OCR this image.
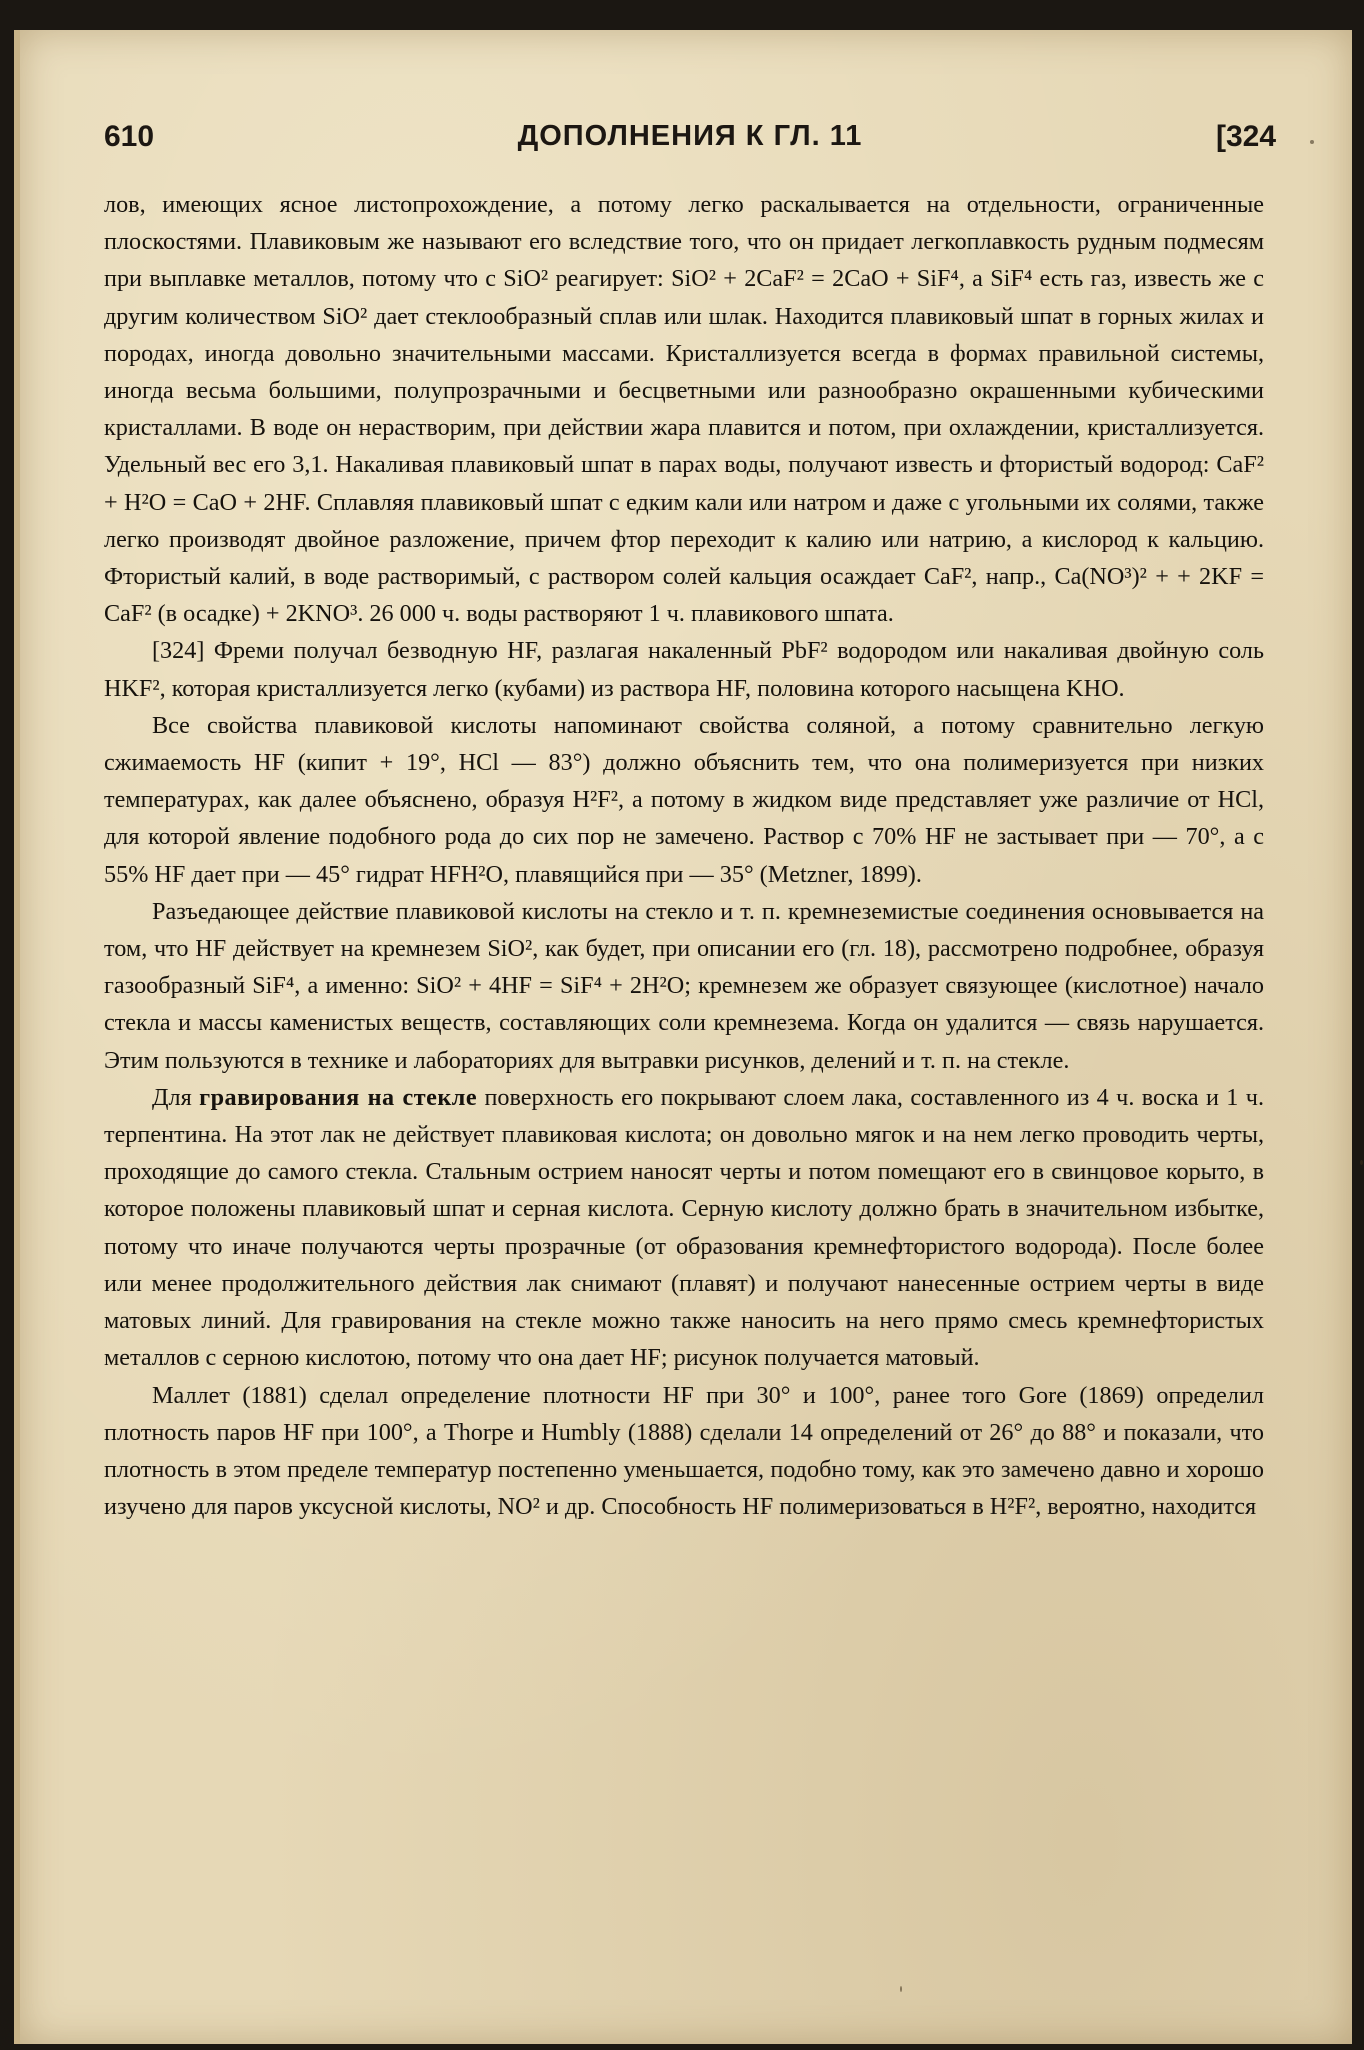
610	ДОПОЛНЕНИЯ К ГЛ. 11	[324

лов, имеющих ясное листопрохождение, а потому легко раскалывается на отдельности, ограниченные плоскостями. Плавиковым же называют его вследствие того, что он придает легкоплавкость рудным подмесям при выплавке металлов, потому что с SiO² реагирует: SiO² + 2CaF² = 2CaO + SiF⁴, а SiF⁴ есть газ, известь же с другим количеством SiO² дает стеклообразный сплав или шлак. Находится плавиковый шпат в горных жилах и породах, иногда довольно значительными массами. Кристаллизуется всегда в формах правильной системы, иногда весьма большими, полупрозрачными и бесцветными или разнообразно окрашенными кубическими кристаллами. В воде он нерастворим, при действии жара плавится и потом, при охлаждении, кристаллизуется. Удельный вес его 3,1. Накаливая плавиковый шпат в парах воды, получают известь и фтористый водород: CaF² + H²O = CaO + 2HF. Сплавляя плавиковый шпат с едким кали или натром и даже с угольными их солями, также легко производят двойное разложение, причем фтор переходит к калию или натрию, а кислород к кальцию. Фтористый калий, в воде растворимый, с раствором солей кальция осаждает CaF², напр., Ca(NO³)² + + 2KF = CaF² (в осадке) + 2KNO³. 26 000 ч. воды растворяют 1 ч. плавикового шпата.

[324] Фреми получал безводную HF, разлагая накаленный PbF² водородом или накаливая двойную соль HKF², которая кристаллизуется легко (кубами) из раствора HF, половина которого насыщена KHO.

Все свойства плавиковой кислоты напоминают свойства соляной, а потому сравнительно легкую сжимаемость HF (кипит + 19°, HCl — 83°) должно объяснить тем, что она полимеризуется при низких температурах, как далее объяснено, образуя H²F², а потому в жидком виде представляет уже различие от HCl, для которой явление подобного рода до сих пор не замечено. Раствор с 70% HF не застывает при — 70°, а с 55% HF дает при — 45° гидрат HFH²O, плавящийся при — 35° (Metzner, 1899).

Разъедающее действие плавиковой кислоты на стекло и т. п. кремнеземистые соединения основывается на том, что HF действует на кремнезем SiO², как будет, при описании его (гл. 18), рассмотрено подробнее, образуя газообразный SiF⁴, а именно: SiO² + 4HF = SiF⁴ + 2H²O; кремнезем же образует связующее (кислотное) начало стекла и массы каменистых веществ, составляющих соли кремнезема. Когда он удалится — связь нарушается. Этим пользуются в технике и лабораториях для вытравки рисунков, делений и т. п. на стекле.

Для гравирования на стекле поверхность его покрывают слоем лака, составленного из 4 ч. воска и 1 ч. терпентина. На этот лак не действует плавиковая кислота; он довольно мягок и на нем легко проводить черты, проходящие до самого стекла. Стальным острием наносят черты и потом помещают его в свинцовое корыто, в которое положены плавиковый шпат и серная кислота. Серную кислоту должно брать в значительном избытке, потому что иначе получаются черты прозрачные (от образования кремнефтористого водорода). После более или менее продолжительного действия лак снимают (плавят) и получают нанесенные острием черты в виде матовых линий. Для гравирования на стекле можно также наносить на него прямо смесь кремнефтористых металлов с серною кислотою, потому что она дает HF; рисунок получается матовый.

Маллет (1881) сделал определение плотности HF при 30° и 100°, ранее того Gore (1869) определил плотность паров HF при 100°, а Thorpe и Humbly (1888) сделали 14 определений от 26° до 88° и показали, что плотность в этом пределе температур постепенно уменьшается, подобно тому, как это замечено давно и хорошо изучено для паров уксусной кислоты, NO² и др. Способность HF полимеризоваться в H²F², вероятно, находится
